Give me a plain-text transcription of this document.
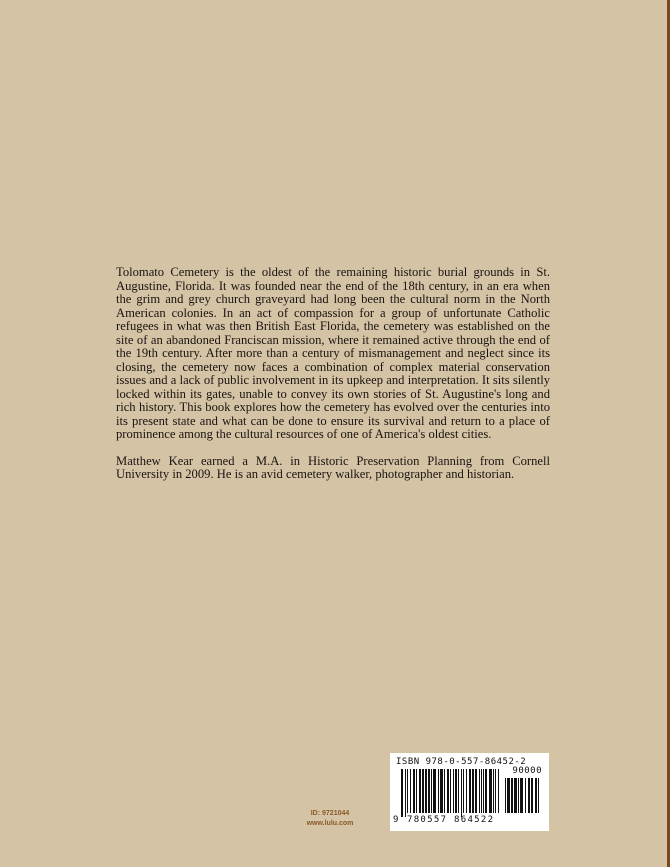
Tolomato Cemetery is the oldest of the remaining historic burial grounds in St. Augustine, Florida. It was founded near the end of the 18th century, in an era when the grim and grey church graveyard had long been the cultural norm in the North American colonies. In an act of compassion for a group of unfortunate Catholic refugees in what was then British East Florida, the cemetery was established on the site of an abandoned Franciscan mission, where it remained active through the end of the 19th century. After more than a century of mismanagement and neglect since its closing, the cemetery now faces a combination of complex material conservation issues and a lack of public involvement in its upkeep and interpretation. It sits silently locked within its gates, unable to convey its own stories of St. Augustine's long and rich history. This book explores how the cemetery has evolved over the centuries into its present state and what can be done to ensure its survival and return to a place of prominence among the cultural resources of one of America's oldest cities.

Matthew Kear earned a M.A. in Historic Preservation Planning from Cornell University in 2009. He is an avid cemetery walker, photographer and historian.

ID: 9721044
www.lulu.com
ISBN 978-0-557-86452-2
90000
9 780557 864522
